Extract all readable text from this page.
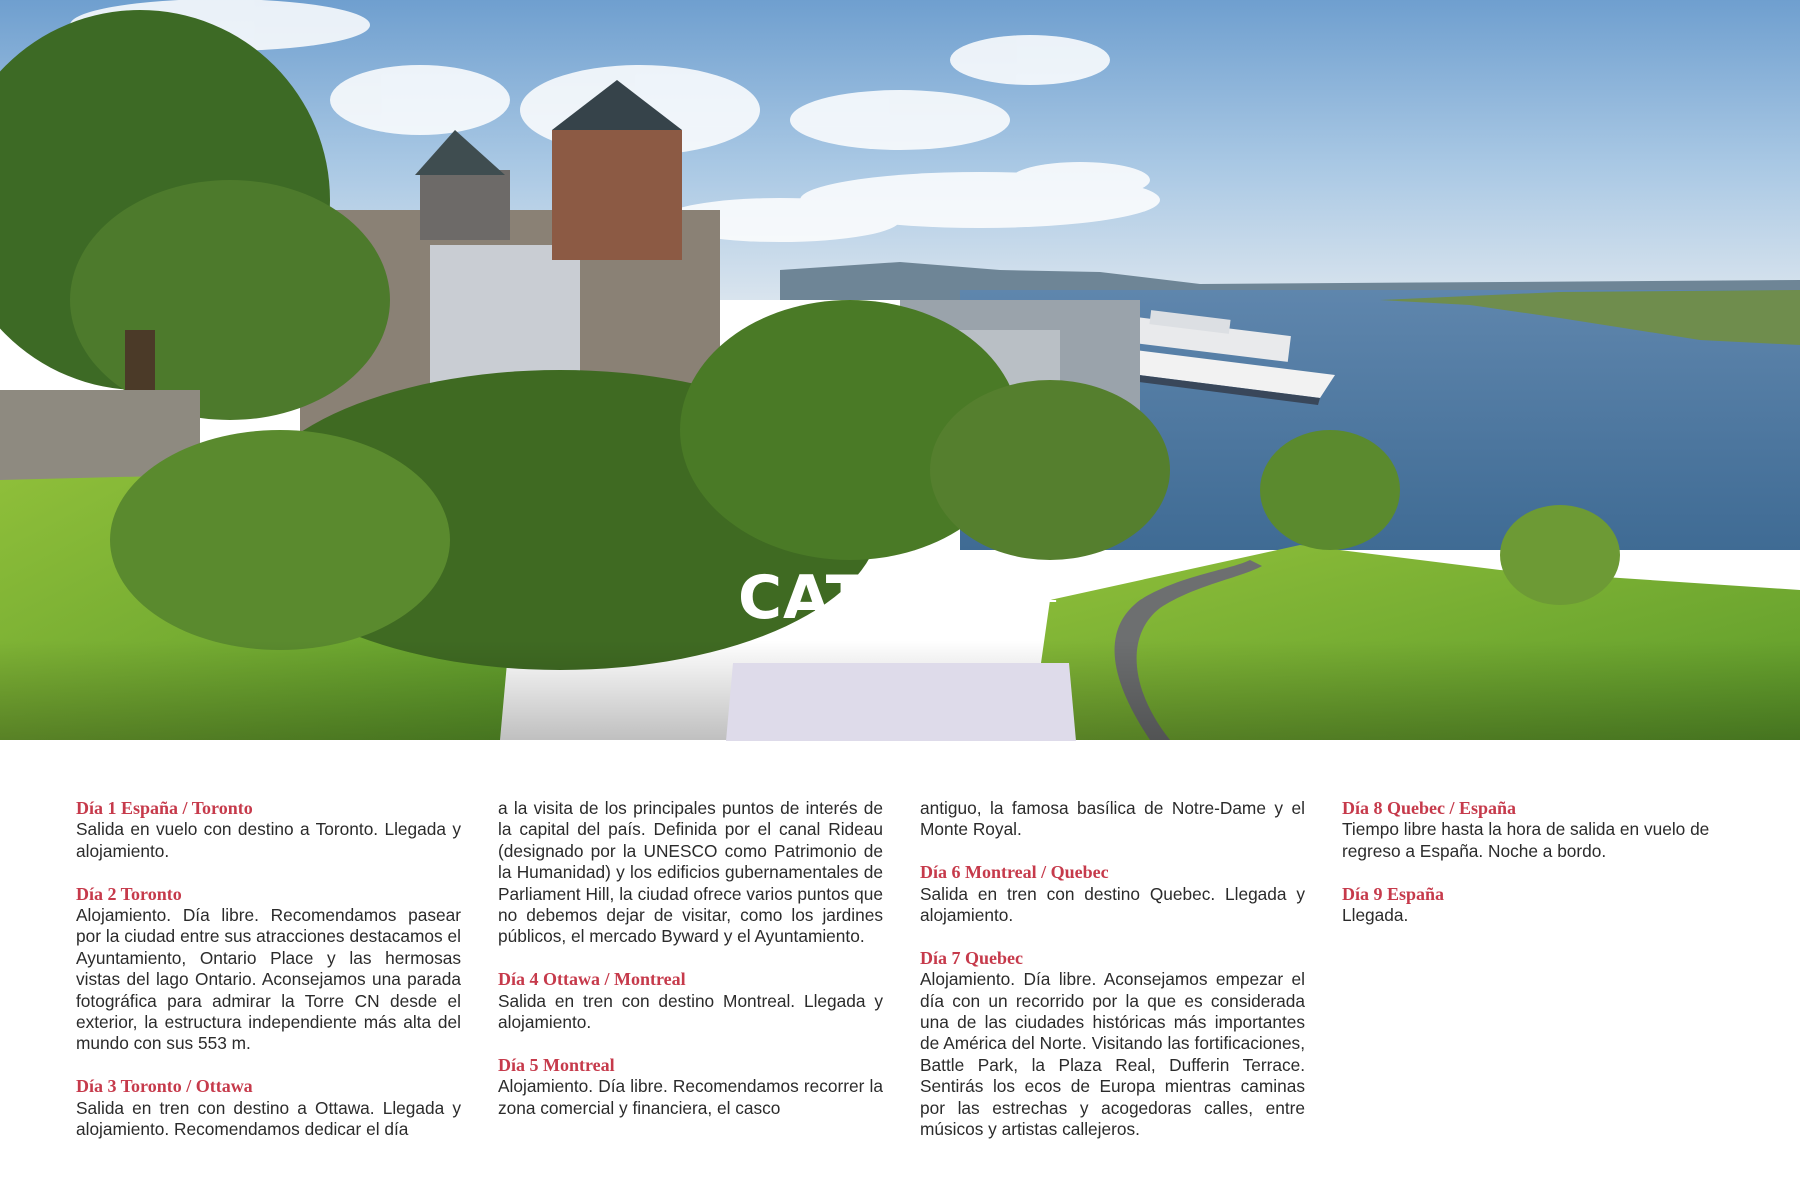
CATAI DESCUBRE EL
MUNDO QUE
IMAGINAS
Día 1 España / Toronto
Salida en vuelo con destino a Toronto. Llegada y alojamiento.
Día 2 Toronto
Alojamiento. Día libre. Recomendamos pasear por la ciudad entre sus atracciones destacamos el Ayuntamiento, Ontario Place y las hermosas vistas del lago Ontario. Aconsejamos una parada fotográfica para admirar la Torre CN desde el exterior, la estructura independiente más alta del mundo con sus 553 m.
Día 3 Toronto / Ottawa
Salida en tren con destino a Ottawa. Llegada y alojamiento. Recomendamos dedicar el día
a la visita de los principales puntos de interés de la capital del país. Definida por el canal Rideau (designado por la UNESCO como Patrimonio de la Humanidad) y los edificios gubernamentales de Parliament Hill, la ciudad ofrece varios puntos que no debemos dejar de visitar, como los jardines públicos, el mercado Byward y el Ayuntamiento.
Día 4 Ottawa / Montreal
Salida en tren con destino Montreal. Llegada y alojamiento.
Día 5 Montreal
Alojamiento. Día libre. Recomendamos recorrer la zona comercial y financiera, el casco
antiguo, la famosa basílica de Notre-Dame y el Monte Royal.
Día 6 Montreal / Quebec
Salida en tren con destino Quebec. Llegada y alojamiento.
Día 7 Quebec
Alojamiento. Día libre. Aconsejamos empezar el día con un recorrido por la que es considerada una de las ciudades históricas más importantes de América del Norte. Visitando las fortificaciones, Battle Park, la Plaza Real, Dufferin Terrace. Sentirás los ecos de Europa mientras caminas por las estrechas y acogedoras calles, entre músicos y artistas callejeros.
Día 8 Quebec / España
Tiempo libre hasta la hora de salida en vuelo de regreso a España. Noche a bordo.
Día 9 España
Llegada.
